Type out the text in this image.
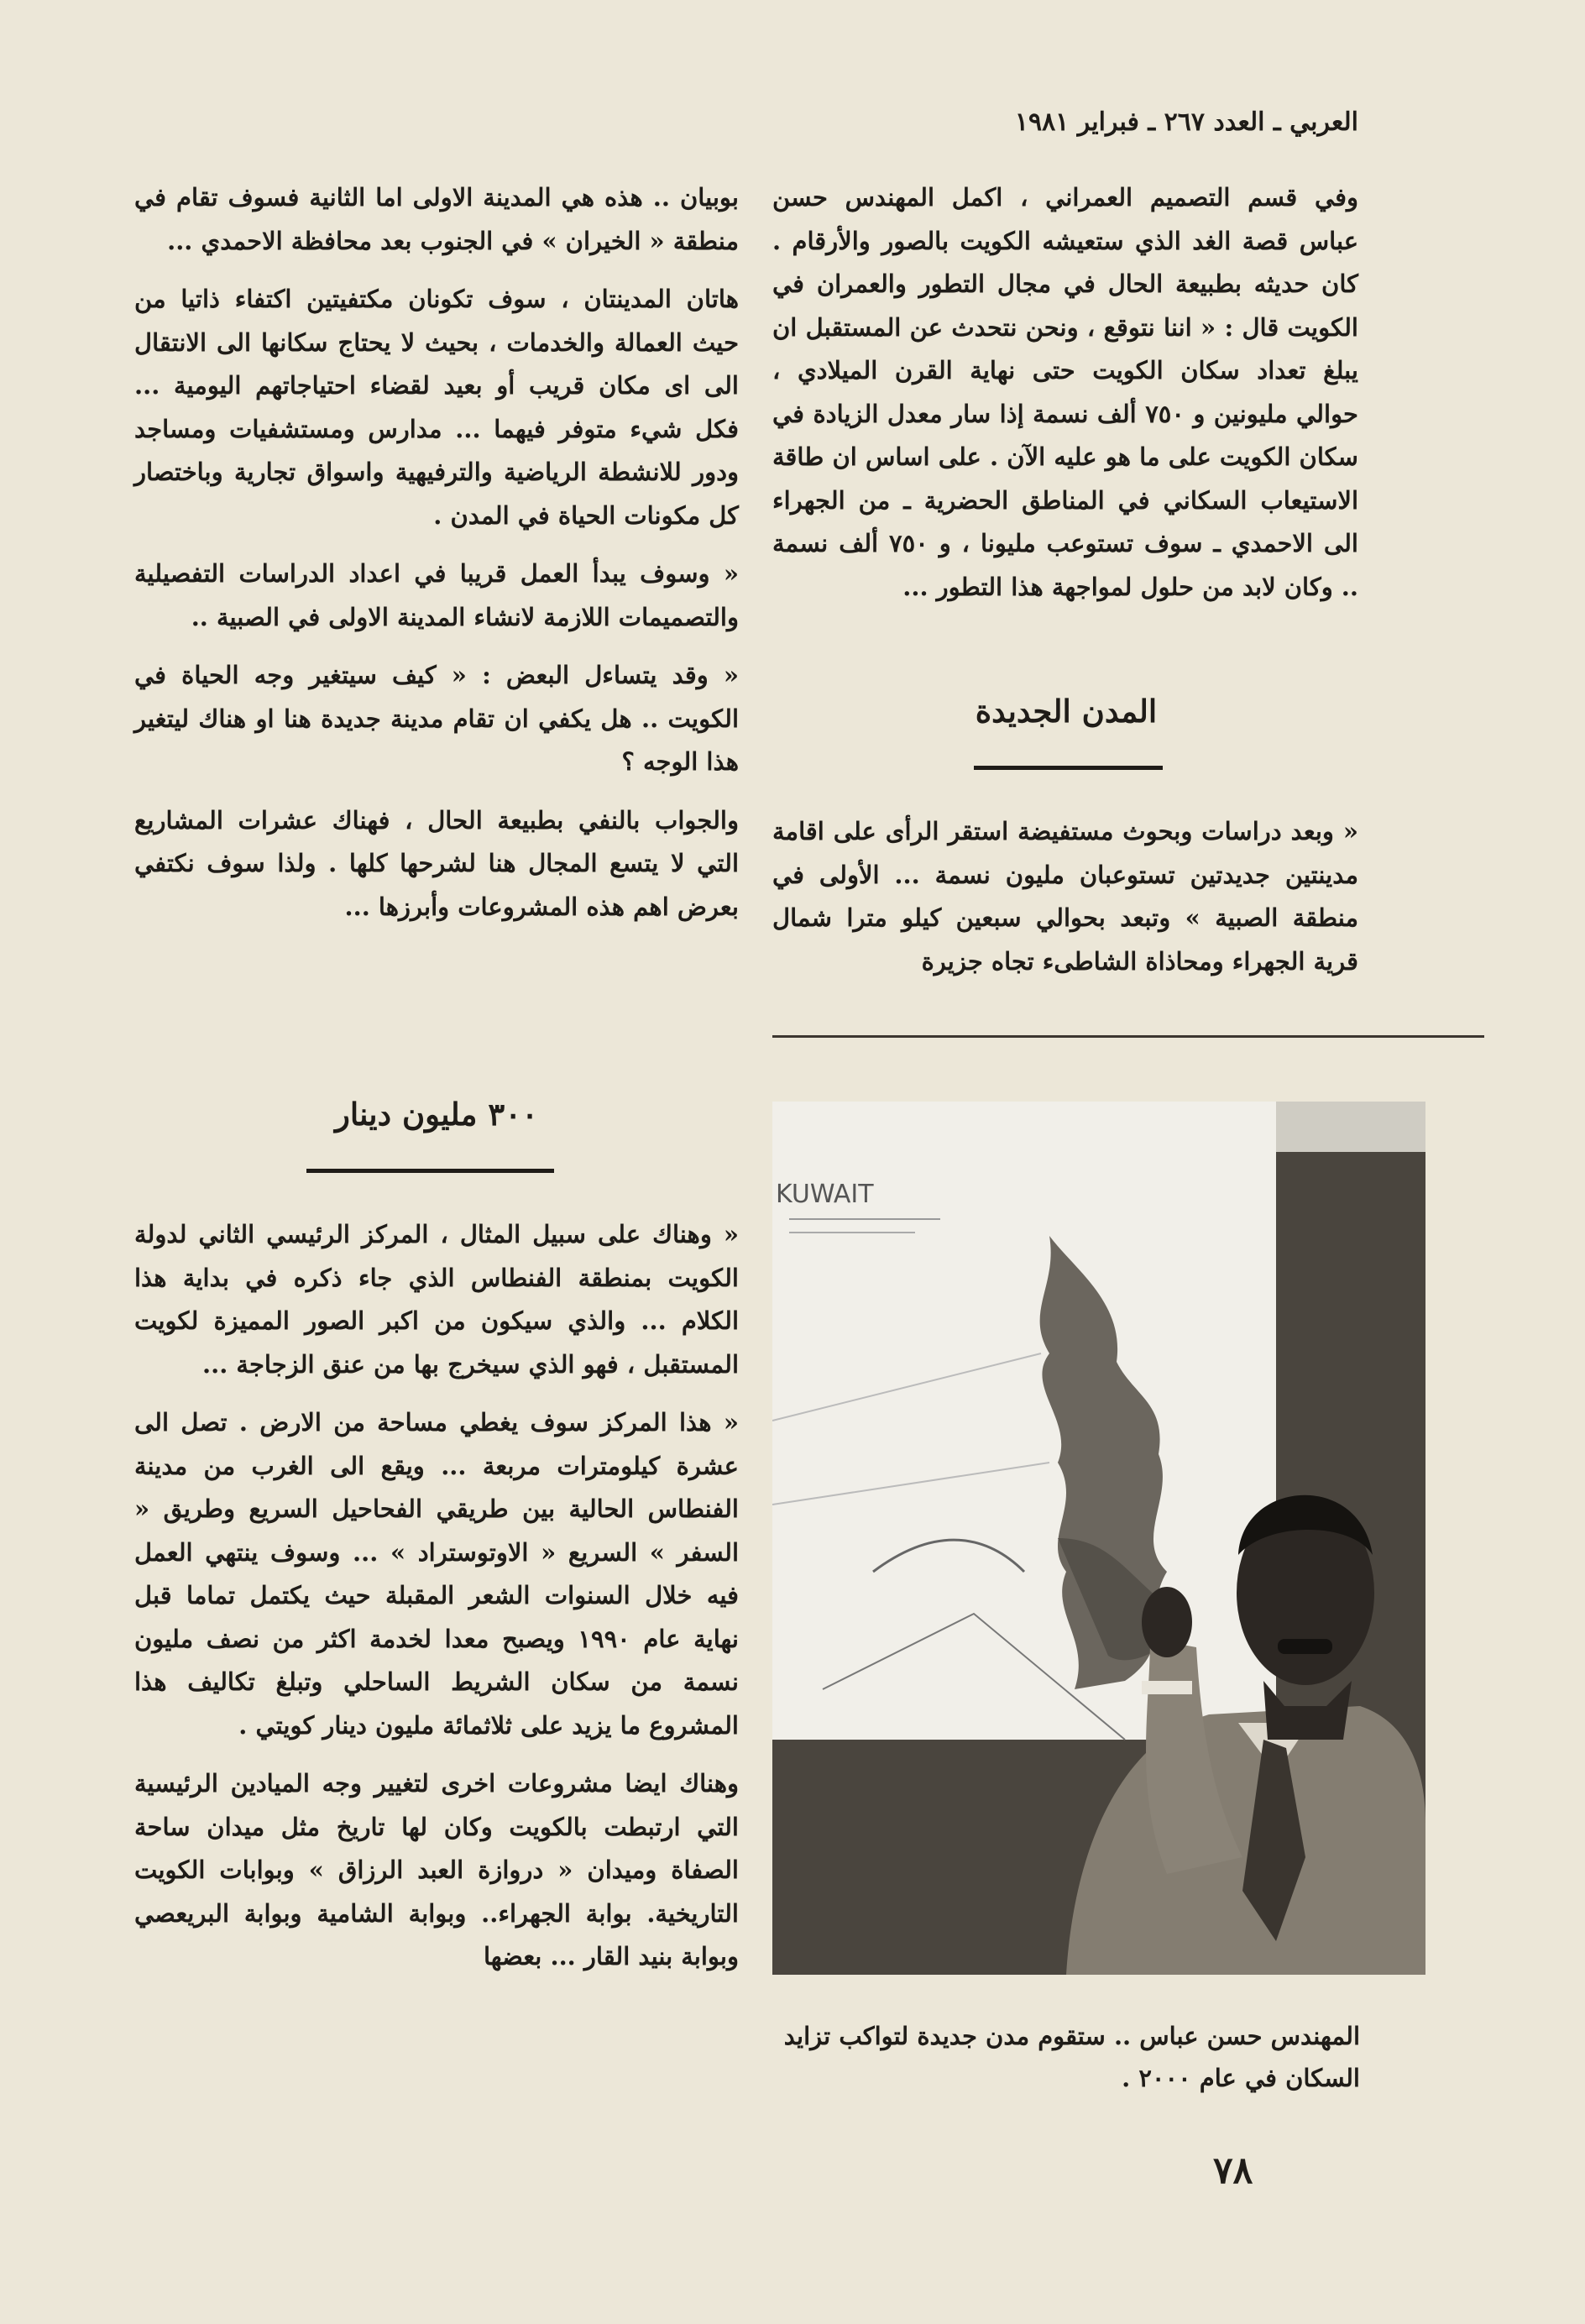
العربي ـ العدد ٢٦٧ ـ فبراير ١٩٨١

وفي قسم التصميم العمراني ، اكمل المهندس حسن عباس قصة الغد الذي ستعيشه الكويت بالصور والأرقام . كان حديثه بطبيعة الحال في مجال التطور والعمران في الكويت قال : « اننا نتوقع ، ونحن نتحدث عن المستقبل ان يبلغ تعداد سكان الكويت حتى نهاية القرن الميلادي ، حوالي مليونين و ٧٥٠ ألف نسمة إذا سار معدل الزيادة في سكان الكويت على ما هو عليه الآن . على اساس ان طاقة الاستيعاب السكاني في المناطق الحضرية ـ من الجهراء الى الاحمدي ـ سوف تستوعب مليونا ، و ٧٥٠ ألف نسمة .. وكان لابد من حلول لمواجهة هذا التطور ...

المدن الجديدة

« وبعد دراسات وبحوث مستفيضة استقر الرأى على اقامة مدينتين جديدتين تستوعبان مليون نسمة ... الأولى في منطقة الصبية » وتبعد بحوالي سبعين كيلو مترا شمال قرية الجهراء ومحاذاة الشاطىء تجاه جزيرة

KUWAIT
المهندس حسن عباس .. ستقوم مدن جديدة لتواكب تزايد السكان في عام ٢٠٠٠ .

بوبيان .. هذه هي المدينة الاولى اما الثانية فسوف تقام في منطقة « الخيران » في الجنوب بعد محافظة الاحمدي ...

هاتان المدينتان ، سوف تكونان مكتفيتين اكتفاء ذاتيا من حيث العمالة والخدمات ، بحيث لا يحتاج سكانها الى الانتقال الى اى مكان قريب أو بعيد لقضاء احتياجاتهم اليومية ... فكل شيء متوفر فيهما ... مدارس ومستشفيات ومساجد ودور للانشطة الرياضية والترفيهية واسواق تجارية وباختصار كل مكونات الحياة في المدن .

« وسوف يبدأ العمل قريبا في اعداد الدراسات التفصيلية والتصميمات اللازمة لانشاء المدينة الاولى في الصبية ..

« وقد يتساءل البعض : « كيف سيتغير وجه الحياة في الكويت .. هل يكفي ان تقام مدينة جديدة هنا او هناك ليتغير هذا الوجه ؟

والجواب بالنفي بطبيعة الحال ، فهناك عشرات المشاريع التي لا يتسع المجال هنا لشرحها كلها . ولذا سوف نكتفي بعرض اهم هذه المشروعات وأبرزها ...

٣٠٠ مليون دينار

« وهناك على سبيل المثال ، المركز الرئيسي الثاني لدولة الكويت بمنطقة الفنطاس الذي جاء ذكره في بداية هذا الكلام ... والذي سيكون من اكبر الصور المميزة لكويت المستقبل ، فهو الذي سيخرج بها من عنق الزجاجة ...

« هذا المركز سوف يغطي مساحة من الارض . تصل الى عشرة كيلومترات مربعة ... ويقع الى الغرب من مدينة الفنطاس الحالية بين طريقي الفحاحيل السريع وطريق « السفر » السريع « الاوتوستراد » ... وسوف ينتهي العمل فيه خلال السنوات الشعر المقبلة حيث يكتمل تماما قبل نهاية عام ١٩٩٠ ويصبح معدا لخدمة اكثر من نصف مليون نسمة من سكان الشريط الساحلي وتبلغ تكاليف هذا المشروع ما يزيد على ثلاثمائة مليون دينار كويتي .

وهناك ايضا مشروعات اخرى لتغيير وجه الميادين الرئيسية التي ارتبطت بالكويت وكان لها تاريخ مثل ميدان ساحة الصفاة وميدان « دروازة العبد الرزاق » وبوابات الكويت التاريخية. بوابة الجهراء.. وبوابة الشامية وبوابة البريعصي وبوابة بنيد القار ... بعضها

٧٨
